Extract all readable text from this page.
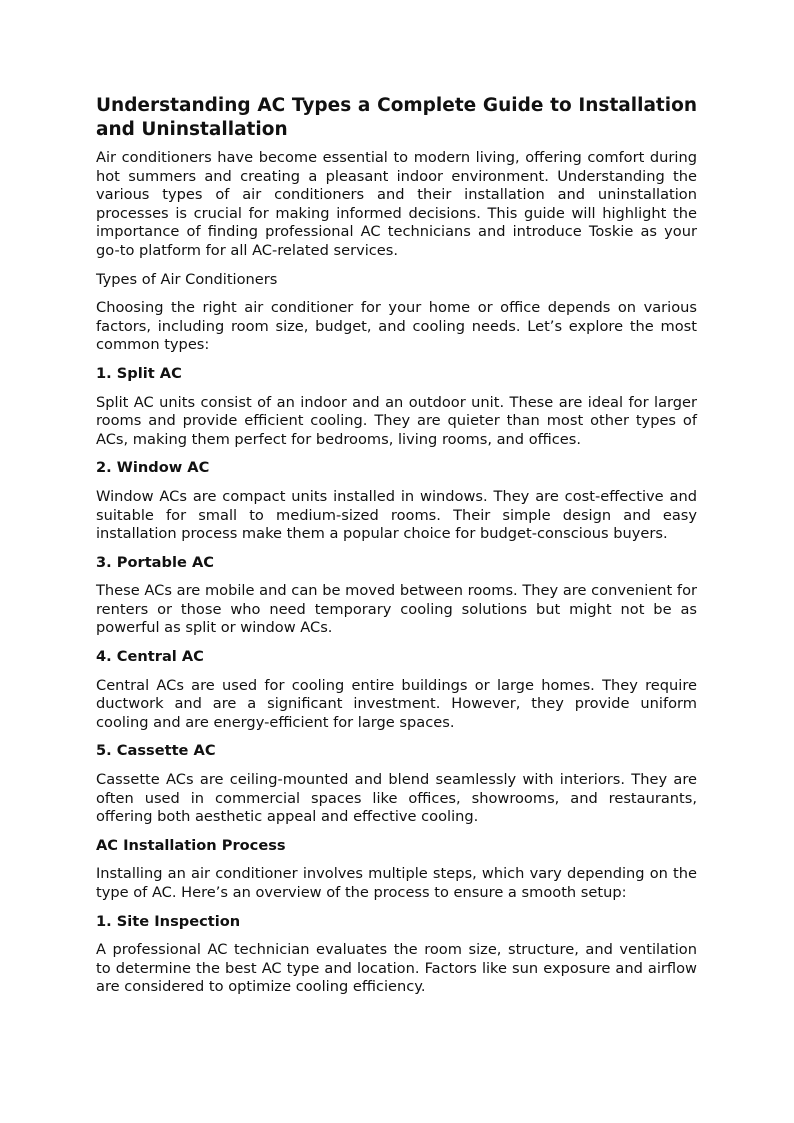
Understanding AC Types a Complete Guide to Installation and Uninstallation

Air conditioners have become essential to modern living, offering comfort during hot summers and creating a pleasant indoor environment. Understanding the various types of air conditioners and their installation and uninstallation processes is crucial for making informed decisions. This guide will highlight the importance of finding professional AC technicians and introduce Toskie as your go-to platform for all AC-related services.

Types of Air Conditioners

Choosing the right air conditioner for your home or office depends on various factors, including room size, budget, and cooling needs. Let’s explore the most common types:

1. Split AC

Split AC units consist of an indoor and an outdoor unit. These are ideal for larger rooms and provide efficient cooling. They are quieter than most other types of ACs, making them perfect for bedrooms, living rooms, and offices.

2. Window AC

Window ACs are compact units installed in windows. They are cost-effective and suitable for small to medium-sized rooms. Their simple design and easy installation process make them a popular choice for budget-conscious buyers.

3. Portable AC

These ACs are mobile and can be moved between rooms. They are convenient for renters or those who need temporary cooling solutions but might not be as powerful as split or window ACs.

4. Central AC

Central ACs are used for cooling entire buildings or large homes. They require ductwork and are a significant investment. However, they provide uniform cooling and are energy-efficient for large spaces.

5. Cassette AC

Cassette ACs are ceiling-mounted and blend seamlessly with interiors. They are often used in commercial spaces like offices, showrooms, and restaurants, offering both aesthetic appeal and effective cooling.

AC Installation Process

Installing an air conditioner involves multiple steps, which vary depending on the type of AC. Here’s an overview of the process to ensure a smooth setup:

1. Site Inspection

A professional AC technician evaluates the room size, structure, and ventilation to determine the best AC type and location. Factors like sun exposure and airflow are considered to optimize cooling efficiency.
